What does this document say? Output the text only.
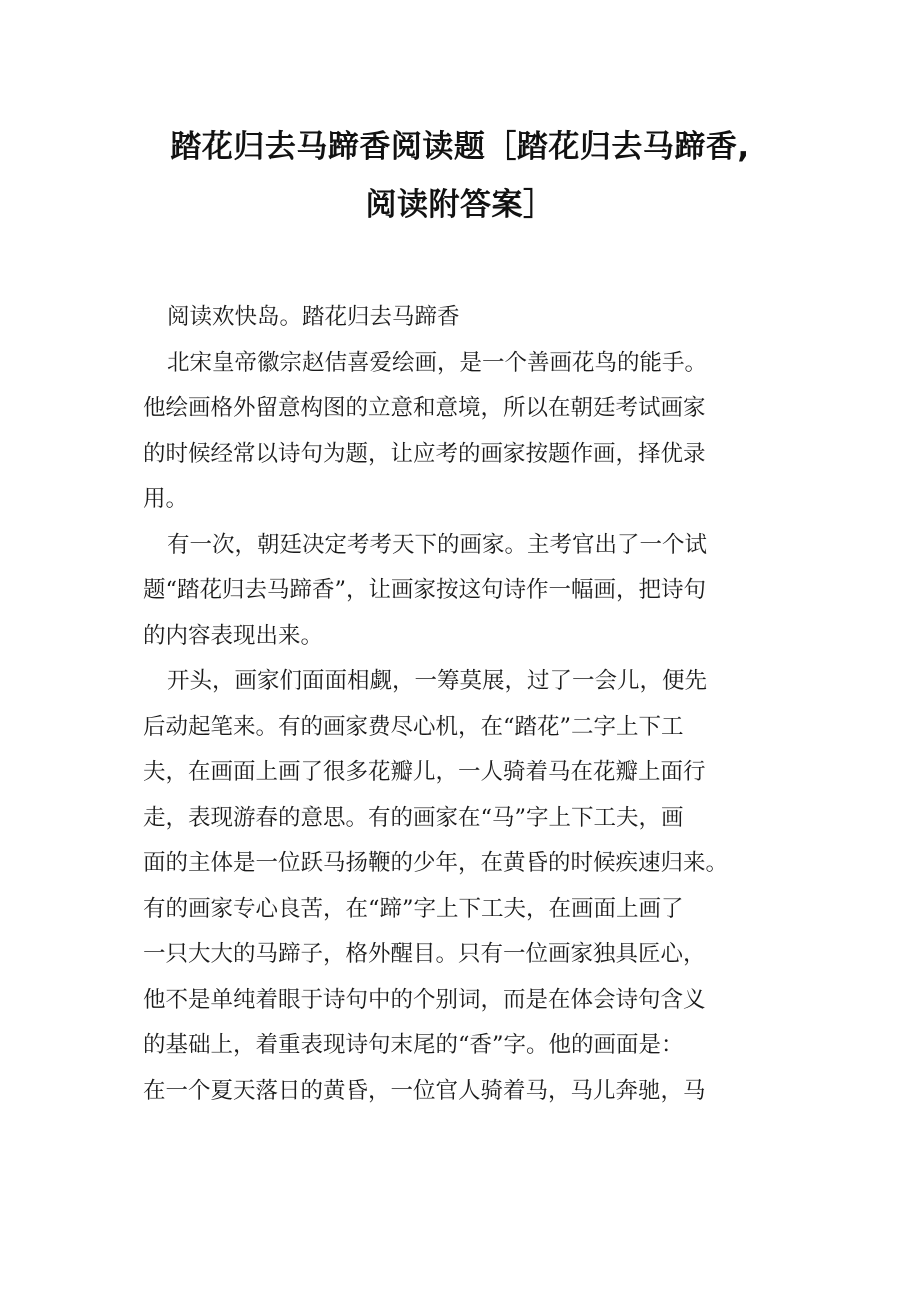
踏花归去马蹄香阅读题［踏花归去马蹄香,
阅读附答案］
阅读欢快岛。踏花归去马蹄香
北宋皇帝徽宗赵佶喜爱绘画，是一个善画花鸟的能手。
他绘画格外留意构图的立意和意境，所以在朝廷考试画家
的时候经常以诗句为题，让应考的画家按题作画，择优录
用。
有一次，朝廷决定考考天下的画家。主考官出了一个试
题“踏花归去马蹄香”，让画家按这句诗作一幅画，把诗句
的内容表现出来。
开头，画家们面面相觑，一筹莫展，过了一会儿，便先
后动起笔来。有的画家费尽心机，在“踏花”二字上下工
夫，在画面上画了很多花瓣儿，一人骑着马在花瓣上面行
走，表现游春的意思。有的画家在“马”字上下工夫，画
面的主体是一位跃马扬鞭的少年，在黄昏的时候疾速归来。
有的画家专心良苦，在“蹄”字上下工夫，在画面上画了
一只大大的马蹄子，格外醒目。只有一位画家独具匠心，
他不是单纯着眼于诗句中的个别词，而是在体会诗句含义
的基础上，着重表现诗句末尾的“香”字。他的画面是：
在一个夏天落日的黄昏，一位官人骑着马，马儿奔驰，马
